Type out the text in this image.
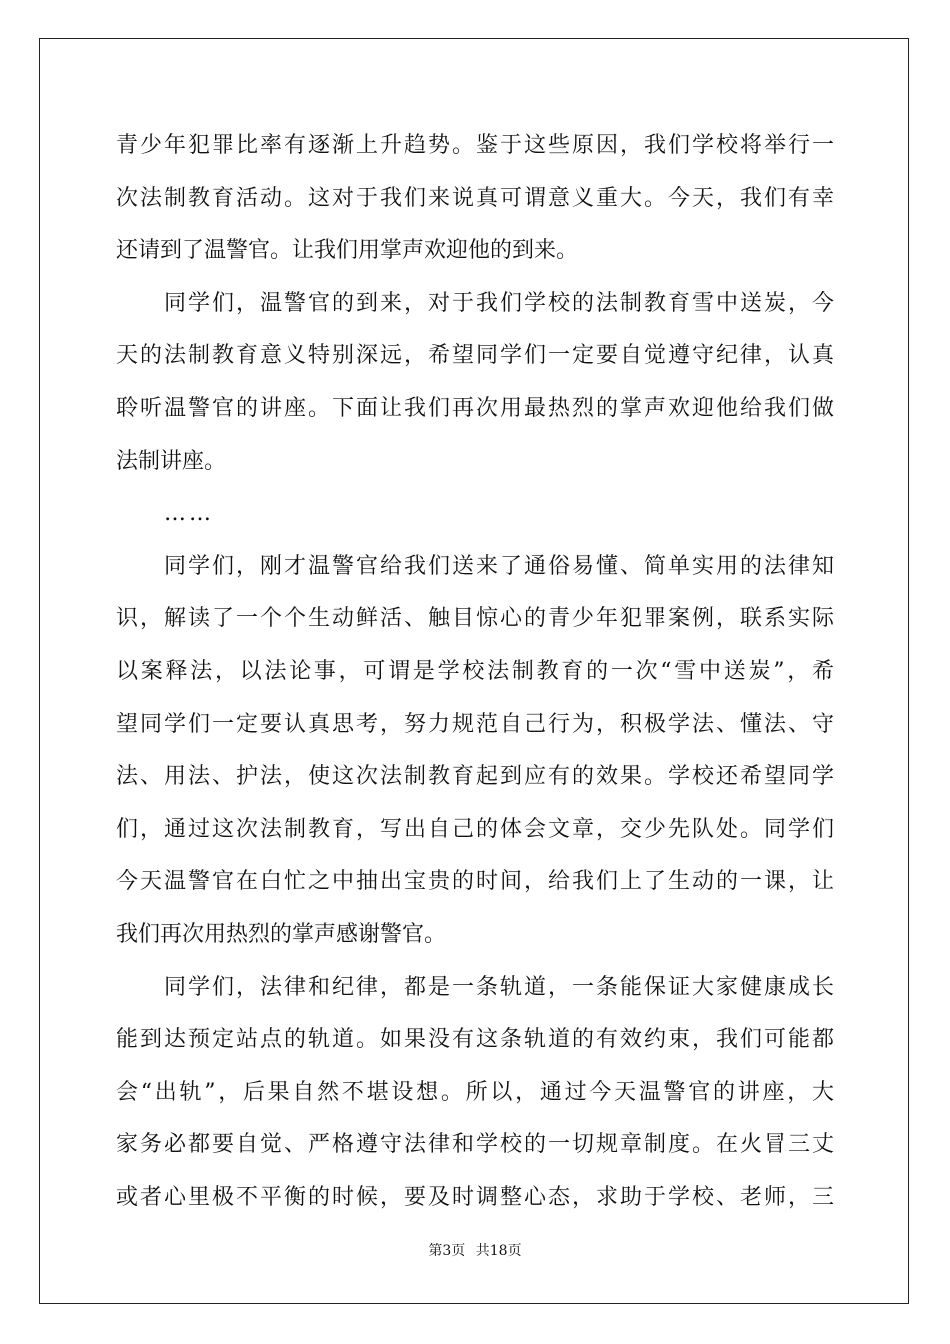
青少年犯罪比率有逐渐上升趋势。鉴于这些原因，我们学校将举行一
次法制教育活动。这对于我们来说真可谓意义重大。今天，我们有幸
还请到了温警官。让我们用掌声欢迎他的到来。
同学们，温警官的到来，对于我们学校的法制教育雪中送炭，今
天的法制教育意义特别深远，希望同学们一定要自觉遵守纪律，认真
聆听温警官的讲座。下面让我们再次用最热烈的掌声欢迎他给我们做
法制讲座。
……
同学们，刚才温警官给我们送来了通俗易懂、简单实用的法律知
识，解读了一个个生动鲜活、触目惊心的青少年犯罪案例，联系实际
以案释法，以法论事，可谓是学校法制教育的一次“雪中送炭”，希
望同学们一定要认真思考，努力规范自己行为，积极学法、懂法、守
法、用法、护法，使这次法制教育起到应有的效果。学校还希望同学
们，通过这次法制教育，写出自己的体会文章，交少先队处。同学们
今天温警官在白忙之中抽出宝贵的时间，给我们上了生动的一课，让
我们再次用热烈的掌声感谢警官。
同学们，法律和纪律，都是一条轨道，一条能保证大家健康成长
能到达预定站点的轨道。如果没有这条轨道的有效约束，我们可能都
会“出轨”，后果自然不堪设想。所以，通过今天温警官的讲座，大
家务必都要自觉、严格遵守法律和学校的一切规章制度。在火冒三丈
或者心里极不平衡的时候，要及时调整心态，求助于学校、老师，三
第3页 共18页
